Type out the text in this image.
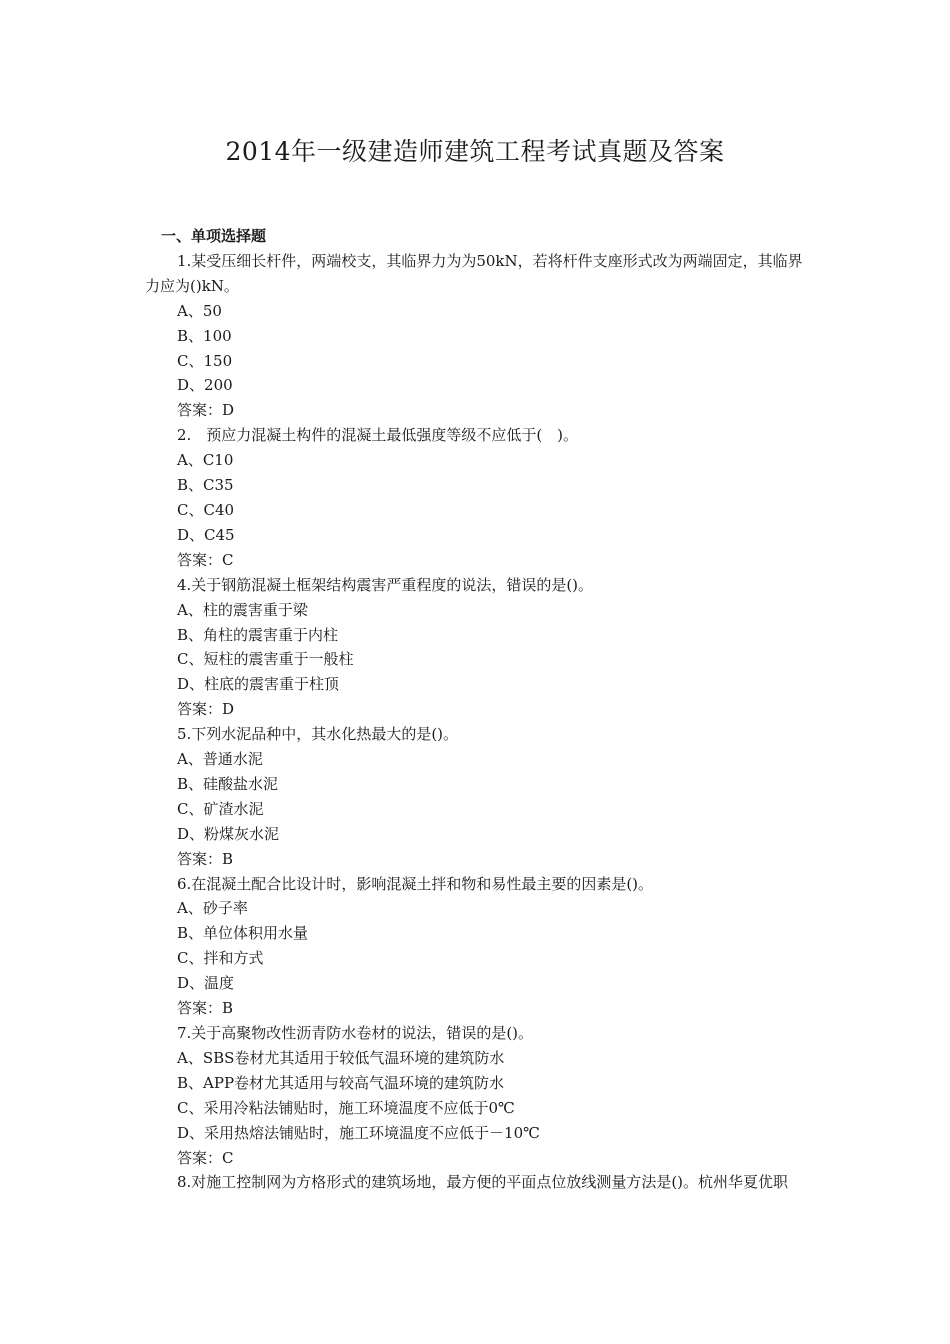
2014年一级建造师建筑工程考试真题及答案
一、单项选择题
1.某受压细长杆件，两端校支，其临界力为为50kN，若将杆件支座形式改为两端固定，其临界力应为()kN。
A、50
B、100
C、150
D、200
答案：D
2.　预应力混凝土构件的混凝土最低强度等级不应低于(　)。
A、C10
B、C35
C、C40
D、C45
答案：C
4.关于钢筋混凝土框架结构震害严重程度的说法，错误的是()。
A、柱的震害重于梁
B、角柱的震害重于内柱
C、短柱的震害重于一般柱
D、柱底的震害重于柱顶
答案：D
5.下列水泥品种中，其水化热最大的是()。
A、普通水泥
B、硅酸盐水泥
C、矿渣水泥
D、粉煤灰水泥
答案：B
6.在混凝土配合比设计时，影响混凝土拌和物和易性最主要的因素是()。
A、砂子率
B、单位体积用水量
C、拌和方式
D、温度
答案：B
7.关于高聚物改性沥青防水卷材的说法，错误的是()。
A、SBS卷材尤其适用于较低气温环境的建筑防水
B、APP卷材尤其适用与较高气温环境的建筑防水
C、采用冷粘法铺贴时，施工环境温度不应低于0℃
D、采用热熔法铺贴时，施工环境温度不应低于－10℃
答案：C
8.对施工控制网为方格形式的建筑场地，最方便的平面点位放线测量方法是()。杭州华夏优职
